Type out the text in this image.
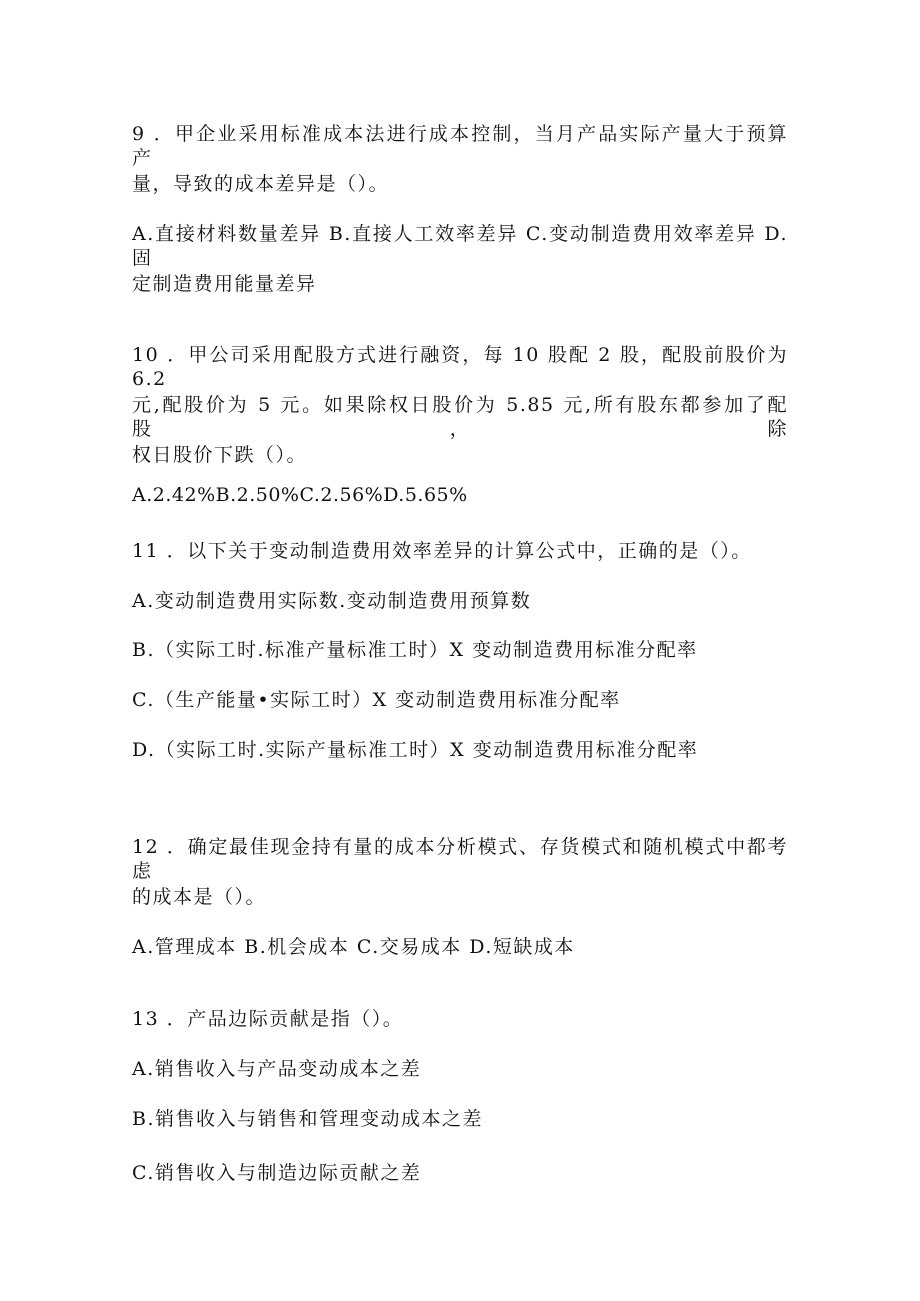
9 ．甲企业采用标准成本法进行成本控制，当月产品实际产量大于预算产
量，导致的成本差异是（）。
A.直接材料数量差异 B.直接人工效率差异 C.变动制造费用效率差异 D.固
定制造费用能量差异
10 ．甲公司采用配股方式进行融资，每 10 股配 2 股，配股前股价为 6.2
元,配股价为 5 元。如果除权日股价为 5.85 元,所有股东都参加了配股，除
权日股价下跌（）。
A.2.42%B.2.50%C.2.56%D.5.65%
11 ．以下关于变动制造费用效率差异的计算公式中，正确的是（）。
A.变动制造费用实际数.变动制造费用预算数
B.（实际工时.标准产量标准工时）X 变动制造费用标准分配率
C.（生产能量•实际工时）X 变动制造费用标准分配率
D.（实际工时.实际产量标准工时）X 变动制造费用标准分配率
12 ．确定最佳现金持有量的成本分析模式、存货模式和随机模式中都考虑
的成本是（）。
A.管理成本 B.机会成本 C.交易成本 D.短缺成本
13 ．产品边际贡献是指（）。
A.销售收入与产品变动成本之差
B.销售收入与销售和管理变动成本之差
C.销售收入与制造边际贡献之差
